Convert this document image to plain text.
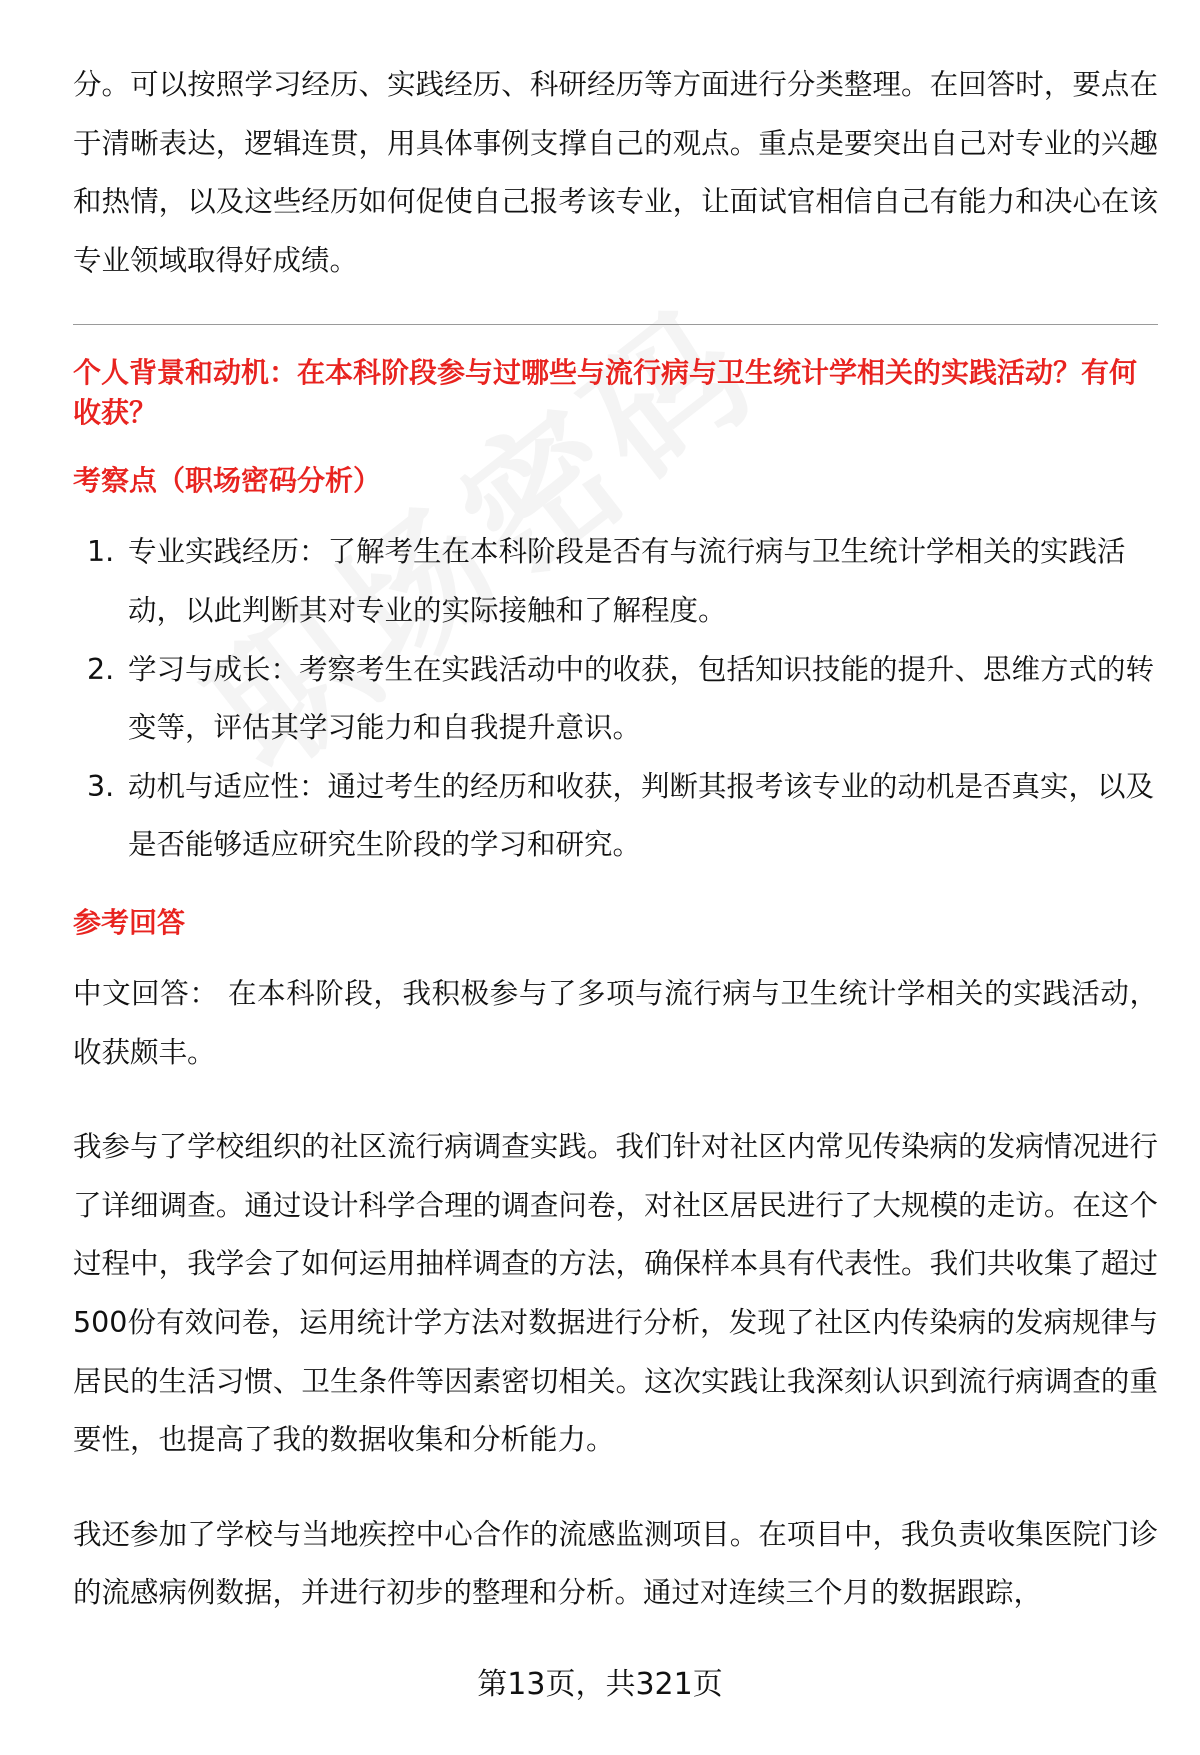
分。可以按照学习经历、实践经历、科研经历等方面进行分类整理。在回答时，要点在于清晰表达，逻辑连贯，用具体事例支撑自己的观点。重点是要突出自己对专业的兴趣和热情，以及这些经历如何促使自己报考该专业，让面试官相信自己有能力和决心在该专业领域取得好成绩。

个人背景和动机：在本科阶段参与过哪些与流行病与卫生统计学相关的实践活动？有何收获？

考察点（职场密码分析）
1. 专业实践经历：了解考生在本科阶段是否有与流行病与卫生统计学相关的实践活动，以此判断其对专业的实际接触和了解程度。
2. 学习与成长：考察考生在实践活动中的收获，包括知识技能的提升、思维方式的转变等，评估其学习能力和自我提升意识。
3. 动机与适应性：通过考生的经历和收获，判断其报考该专业的动机是否真实，以及是否能够适应研究生阶段的学习和研究。
参考回答

中文回答： 在本科阶段，我积极参与了多项与流行病与卫生统计学相关的实践活动，收获颇丰。

我参与了学校组织的社区流行病调查实践。我们针对社区内常见传染病的发病情况进行了详细调查。通过设计科学合理的调查问卷，对社区居民进行了大规模的走访。在这个过程中，我学会了如何运用抽样调查的方法，确保样本具有代表性。我们共收集了超过500份有效问卷，运用统计学方法对数据进行分析，发现了社区内传染病的发病规律与居民的生活习惯、卫生条件等因素密切相关。这次实践让我深刻认识到流行病调查的重要性，也提高了我的数据收集和分析能力。

我还参加了学校与当地疾控中心合作的流感监测项目。在项目中，我负责收集医院门诊的流感病例数据，并进行初步的整理和分析。通过对连续三个月的数据跟踪，

第13页，共321页
